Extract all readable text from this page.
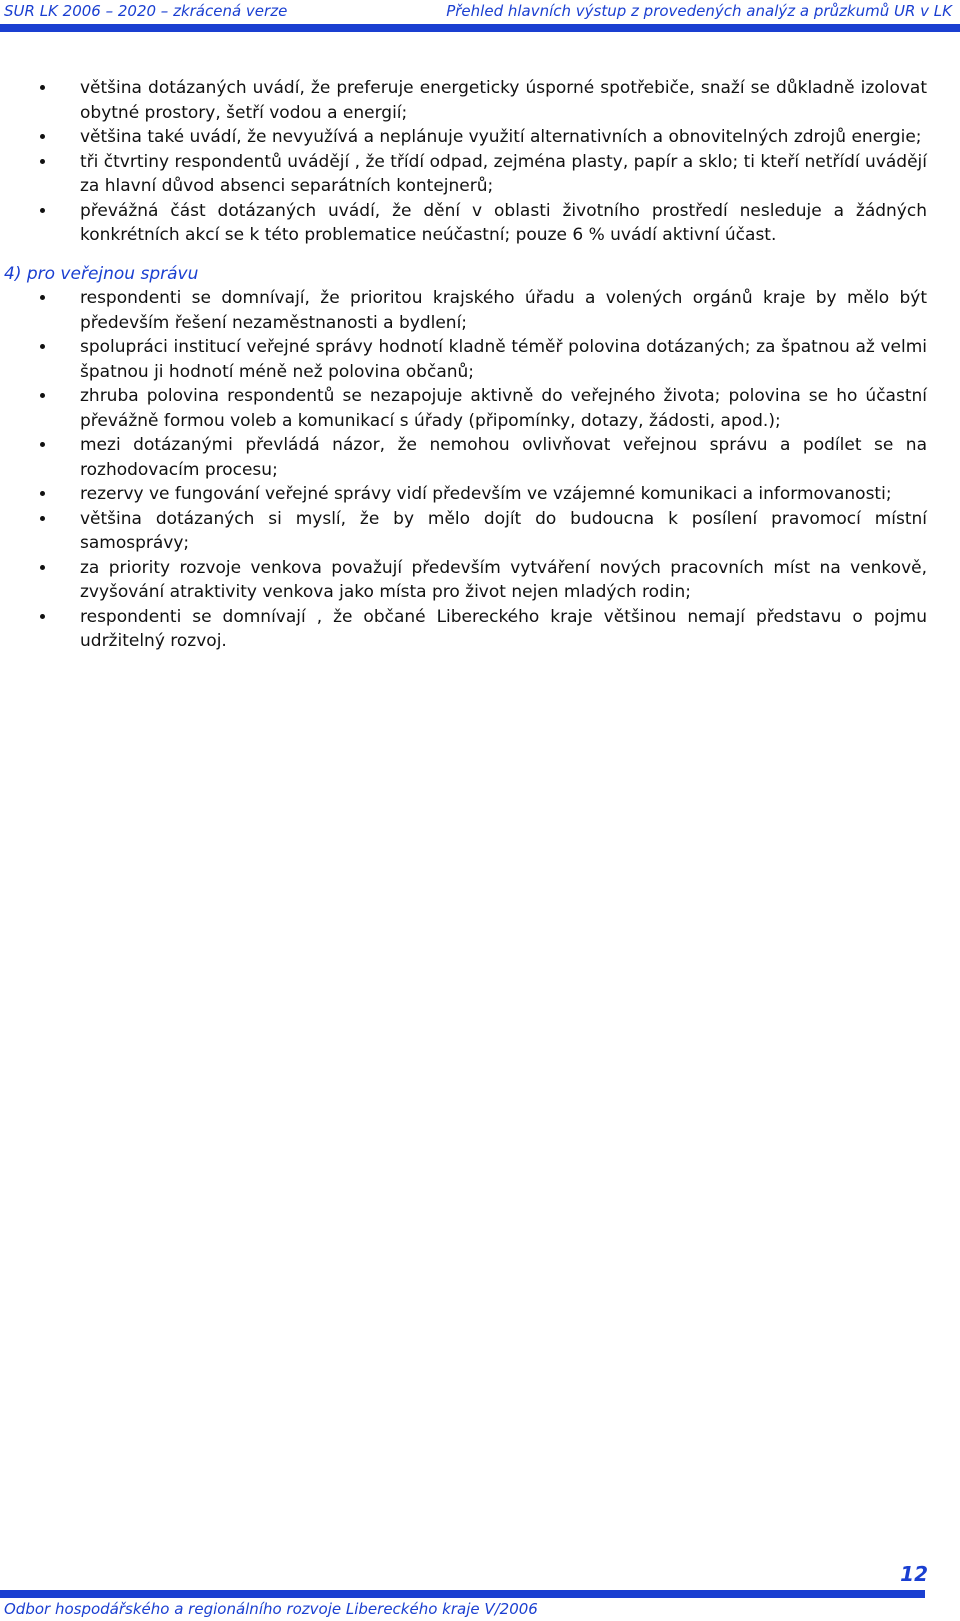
SUR LK 2006 – 2020 – zkrácená verze	Přehled hlavních výstup z provedených analýz a průzkumů UR v LK
většina dotázaných uvádí, že preferuje energeticky úsporné spotřebiče, snaží se důkladně izolovat obytné prostory, šetří vodou a energií;
většina také uvádí, že nevyužívá a neplánuje využití alternativních a obnovitelných zdrojů energie;
tři čtvrtiny respondentů uvádějí , že třídí odpad, zejména plasty, papír a sklo; ti kteří netřídí uvádějí za hlavní důvod absenci separátních kontejnerů;
převážná část dotázaných uvádí, že dění v oblasti životního prostředí nesleduje a žádných konkrétních akcí se k této problematice neúčastní; pouze 6 % uvádí aktivní účast.
4) pro veřejnou správu
respondenti se domnívají, že prioritou krajského úřadu a volených orgánů kraje by mělo být především řešení nezaměstnanosti a bydlení;
spolupráci institucí veřejné správy hodnotí kladně téměř polovina dotázaných; za špatnou až velmi špatnou ji hodnotí méně než polovina občanů;
zhruba polovina respondentů se nezapojuje aktivně do veřejného života; polovina se ho účastní převážně formou voleb a komunikací s úřady (připomínky, dotazy, žádosti, apod.);
mezi dotázanými převládá názor, že nemohou ovlivňovat veřejnou správu a podílet se na rozhodovacím procesu;
rezervy ve fungování veřejné správy vidí především ve vzájemné komunikaci a informovanosti;
většina dotázaných si myslí, že by mělo dojít do budoucna k posílení pravomocí místní samosprávy;
za priority rozvoje venkova považují především vytváření nových pracovních míst na venkově, zvyšování atraktivity venkova jako místa pro život nejen mladých rodin;
respondenti se domnívají , že občané Libereckého kraje většinou nemají představu o pojmu udržitelný rozvoj.
12
Odbor hospodářského a regionálního rozvoje Libereckého kraje V/2006
